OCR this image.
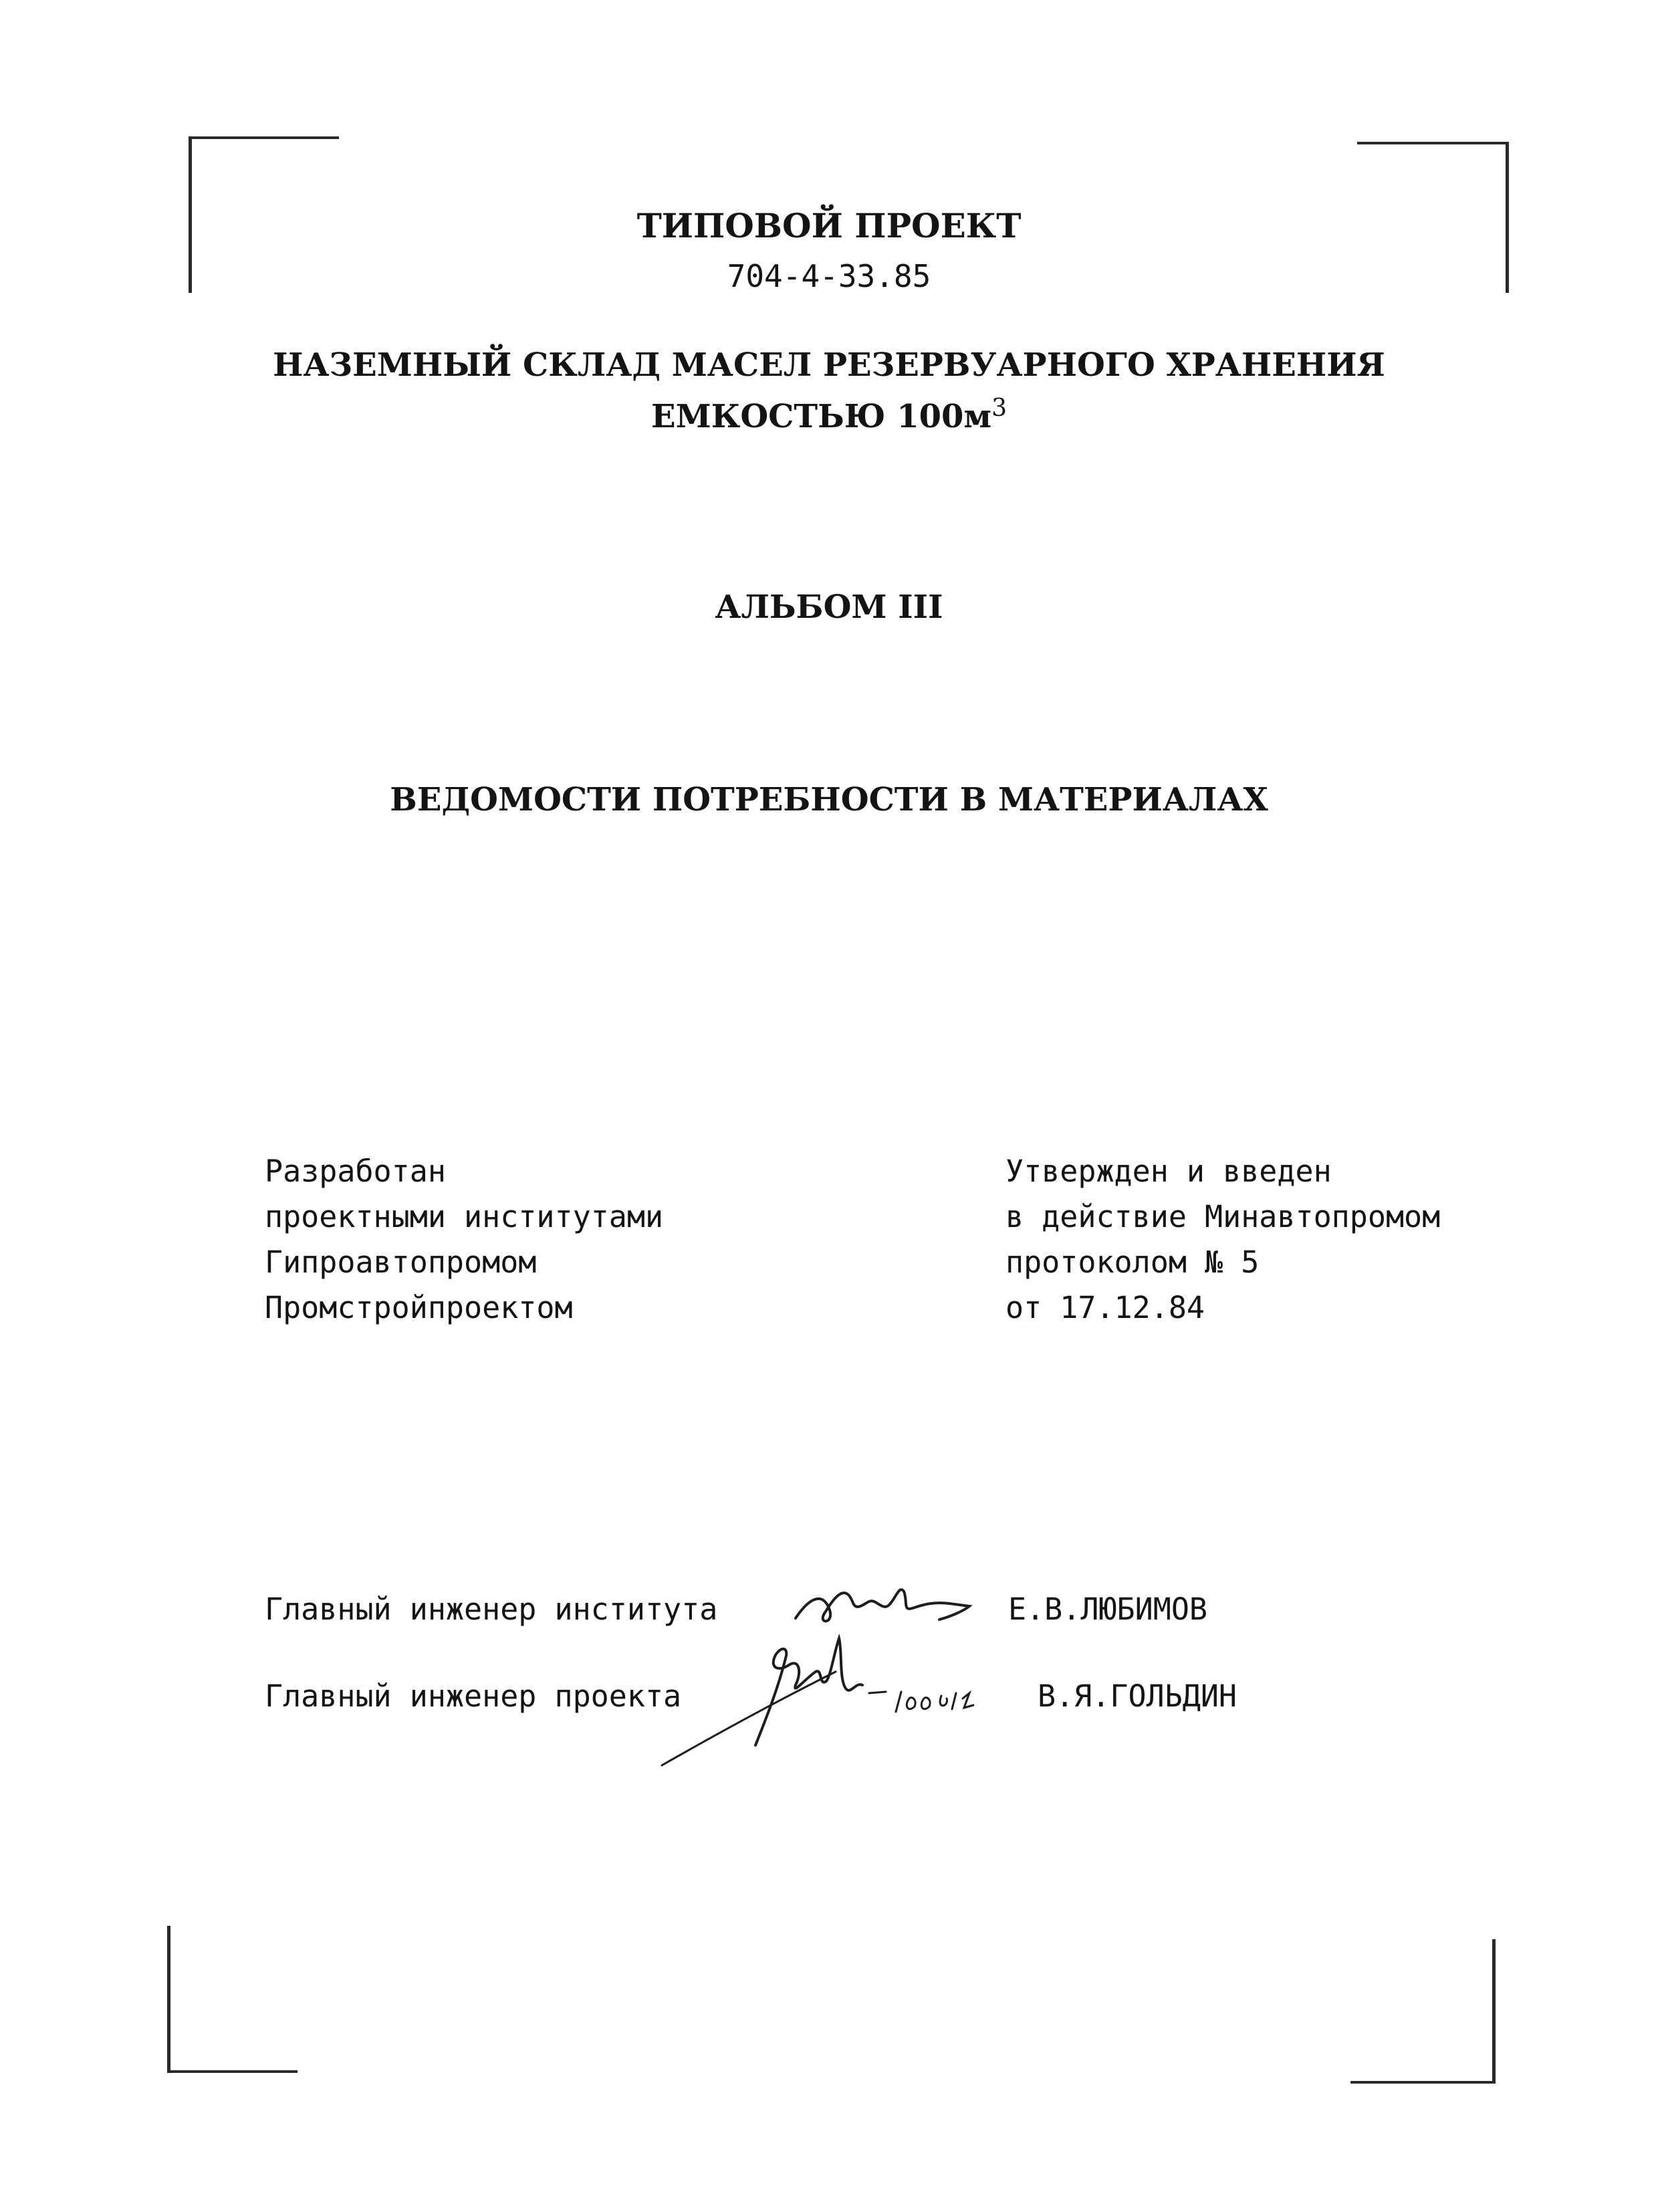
ТИПОВОЙ ПРОЕКТ
704-4-33.85
НАЗЕМНЫЙ СКЛАД МАСЕЛ РЕЗЕРВУАРНОГО ХРАНЕНИЯ
ЕМКОСТЬЮ $100м^3$
АЛЬБОМ III
ВЕДОМОСТИ ПОТРЕБНОСТИ В МАТЕРИАЛАХ
Разработан
проектными институтами
Гипроавтопромом
Промстройпроектом
Утвержден и введен
в действие Минавтопромом
протоколом № 5
от 17.12.84
Главный инженер института	Е.В.ЛЮБИМОВ
Главный инженер проекта	В.Я.ГОЛЬДИН
